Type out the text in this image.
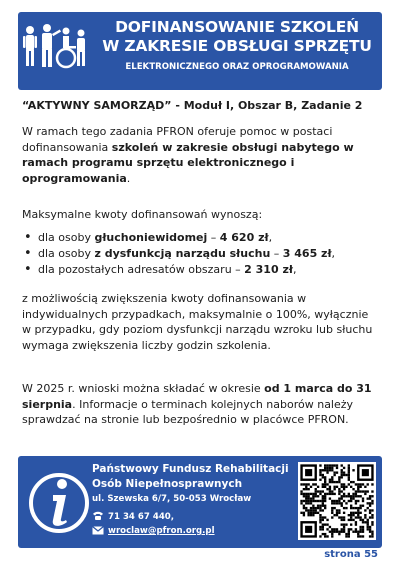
DOFINANSOWANIE SZKOLEŃ
W ZAKRESIE OBSŁUGI SPRZĘTU
ELEKTRONICZNEGO ORAZ OPROGRAMOWANIA
“AKTYWNY SAMORZĄD” - Moduł I, Obszar B, Zadanie 2
W ramach tego zadania PFRON oferuje pomoc w postaci dofinansowania szkoleń w zakresie obsługi nabytego w ramach programu sprzętu elektronicznego i oprogramowania.
Maksymalne kwoty dofinansowań wynoszą:
• dla osoby głuchoniewidomej – 4 620 zł,
• dla osoby z dysfunkcją narządu słuchu – 3 465 zł,
• dla pozostałych adresatów obszaru – 2 310 zł,
z możliwością zwiększenia kwoty dofinansowania w indywidualnych przypadkach, maksymalnie o 100%, wyłącznie w przypadku, gdy poziom dysfunkcji narządu wzroku lub słuchu wymaga zwiększenia liczby godzin szkolenia.
W 2025 r. wnioski można składać w okresie od 1 marca do 31 sierpnia. Informacje o terminach kolejnych naborów należy sprawdzać na stronie lub bezpośrednio w placówce PFRON.
Państwowy Fundusz Rehabilitacji
Osób Niepełnosprawnych
ul. Szewska 6/7, 50-053 Wrocław
71 34 67 440,
wroclaw@pfron.org.pl
strona 55
